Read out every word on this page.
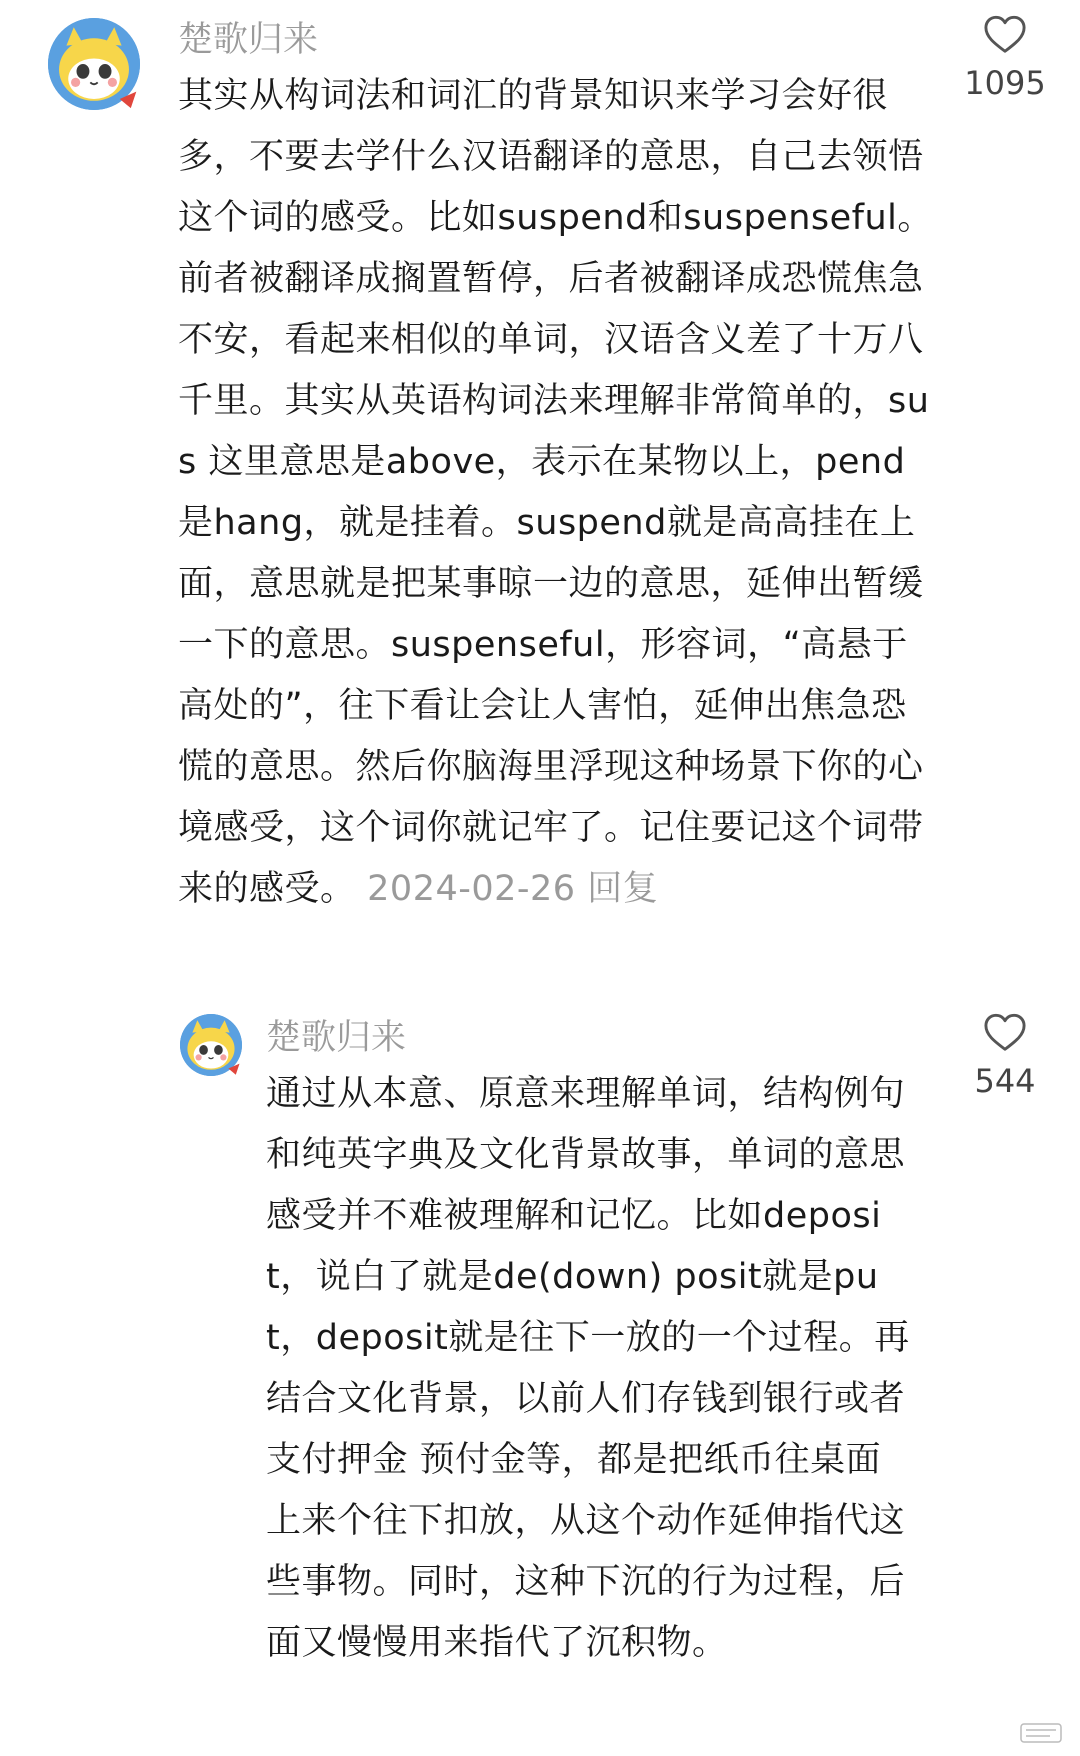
楚歌归来

其实从构词法和词汇的背景知识来学习会好很多，不要去学什么汉语翻译的意思，自己去领悟这个词的感受。比如suspend和suspenseful。前者被翻译成搁置暂停，后者被翻译成恐慌焦急不安，看起来相似的单词，汉语含义差了十万八千里。其实从英语构词法来理解非常简单的，sus 这里意思是above，表示在某物以上，pend是hang，就是挂着。suspend就是高高挂在上面，意思就是把某事晾一边的意思，延伸出暂缓一下的意思。suspenseful，形容词，“高悬于高处的”，往下看让会让人害怕，延伸出焦急恐慌的意思。然后你脑海里浮现这种场景下你的心境感受，这个词你就记牢了。记住要记这个词带来的感受。 2024-02-26 回复

1095
楚歌归来

通过从本意、原意来理解单词，结构例句和纯英字典及文化背景故事，单词的意思感受并不难被理解和记忆。比如deposit，说白了就是de(down) posit就是put，deposit就是往下一放的一个过程。再结合文化背景，以前人们存钱到银行或者支付押金 预付金等，都是把纸币往桌面上来个往下扣放，从这个动作延伸指代这些事物。同时，这种下沉的行为过程，后面又慢慢用来指代了沉积物。

544
